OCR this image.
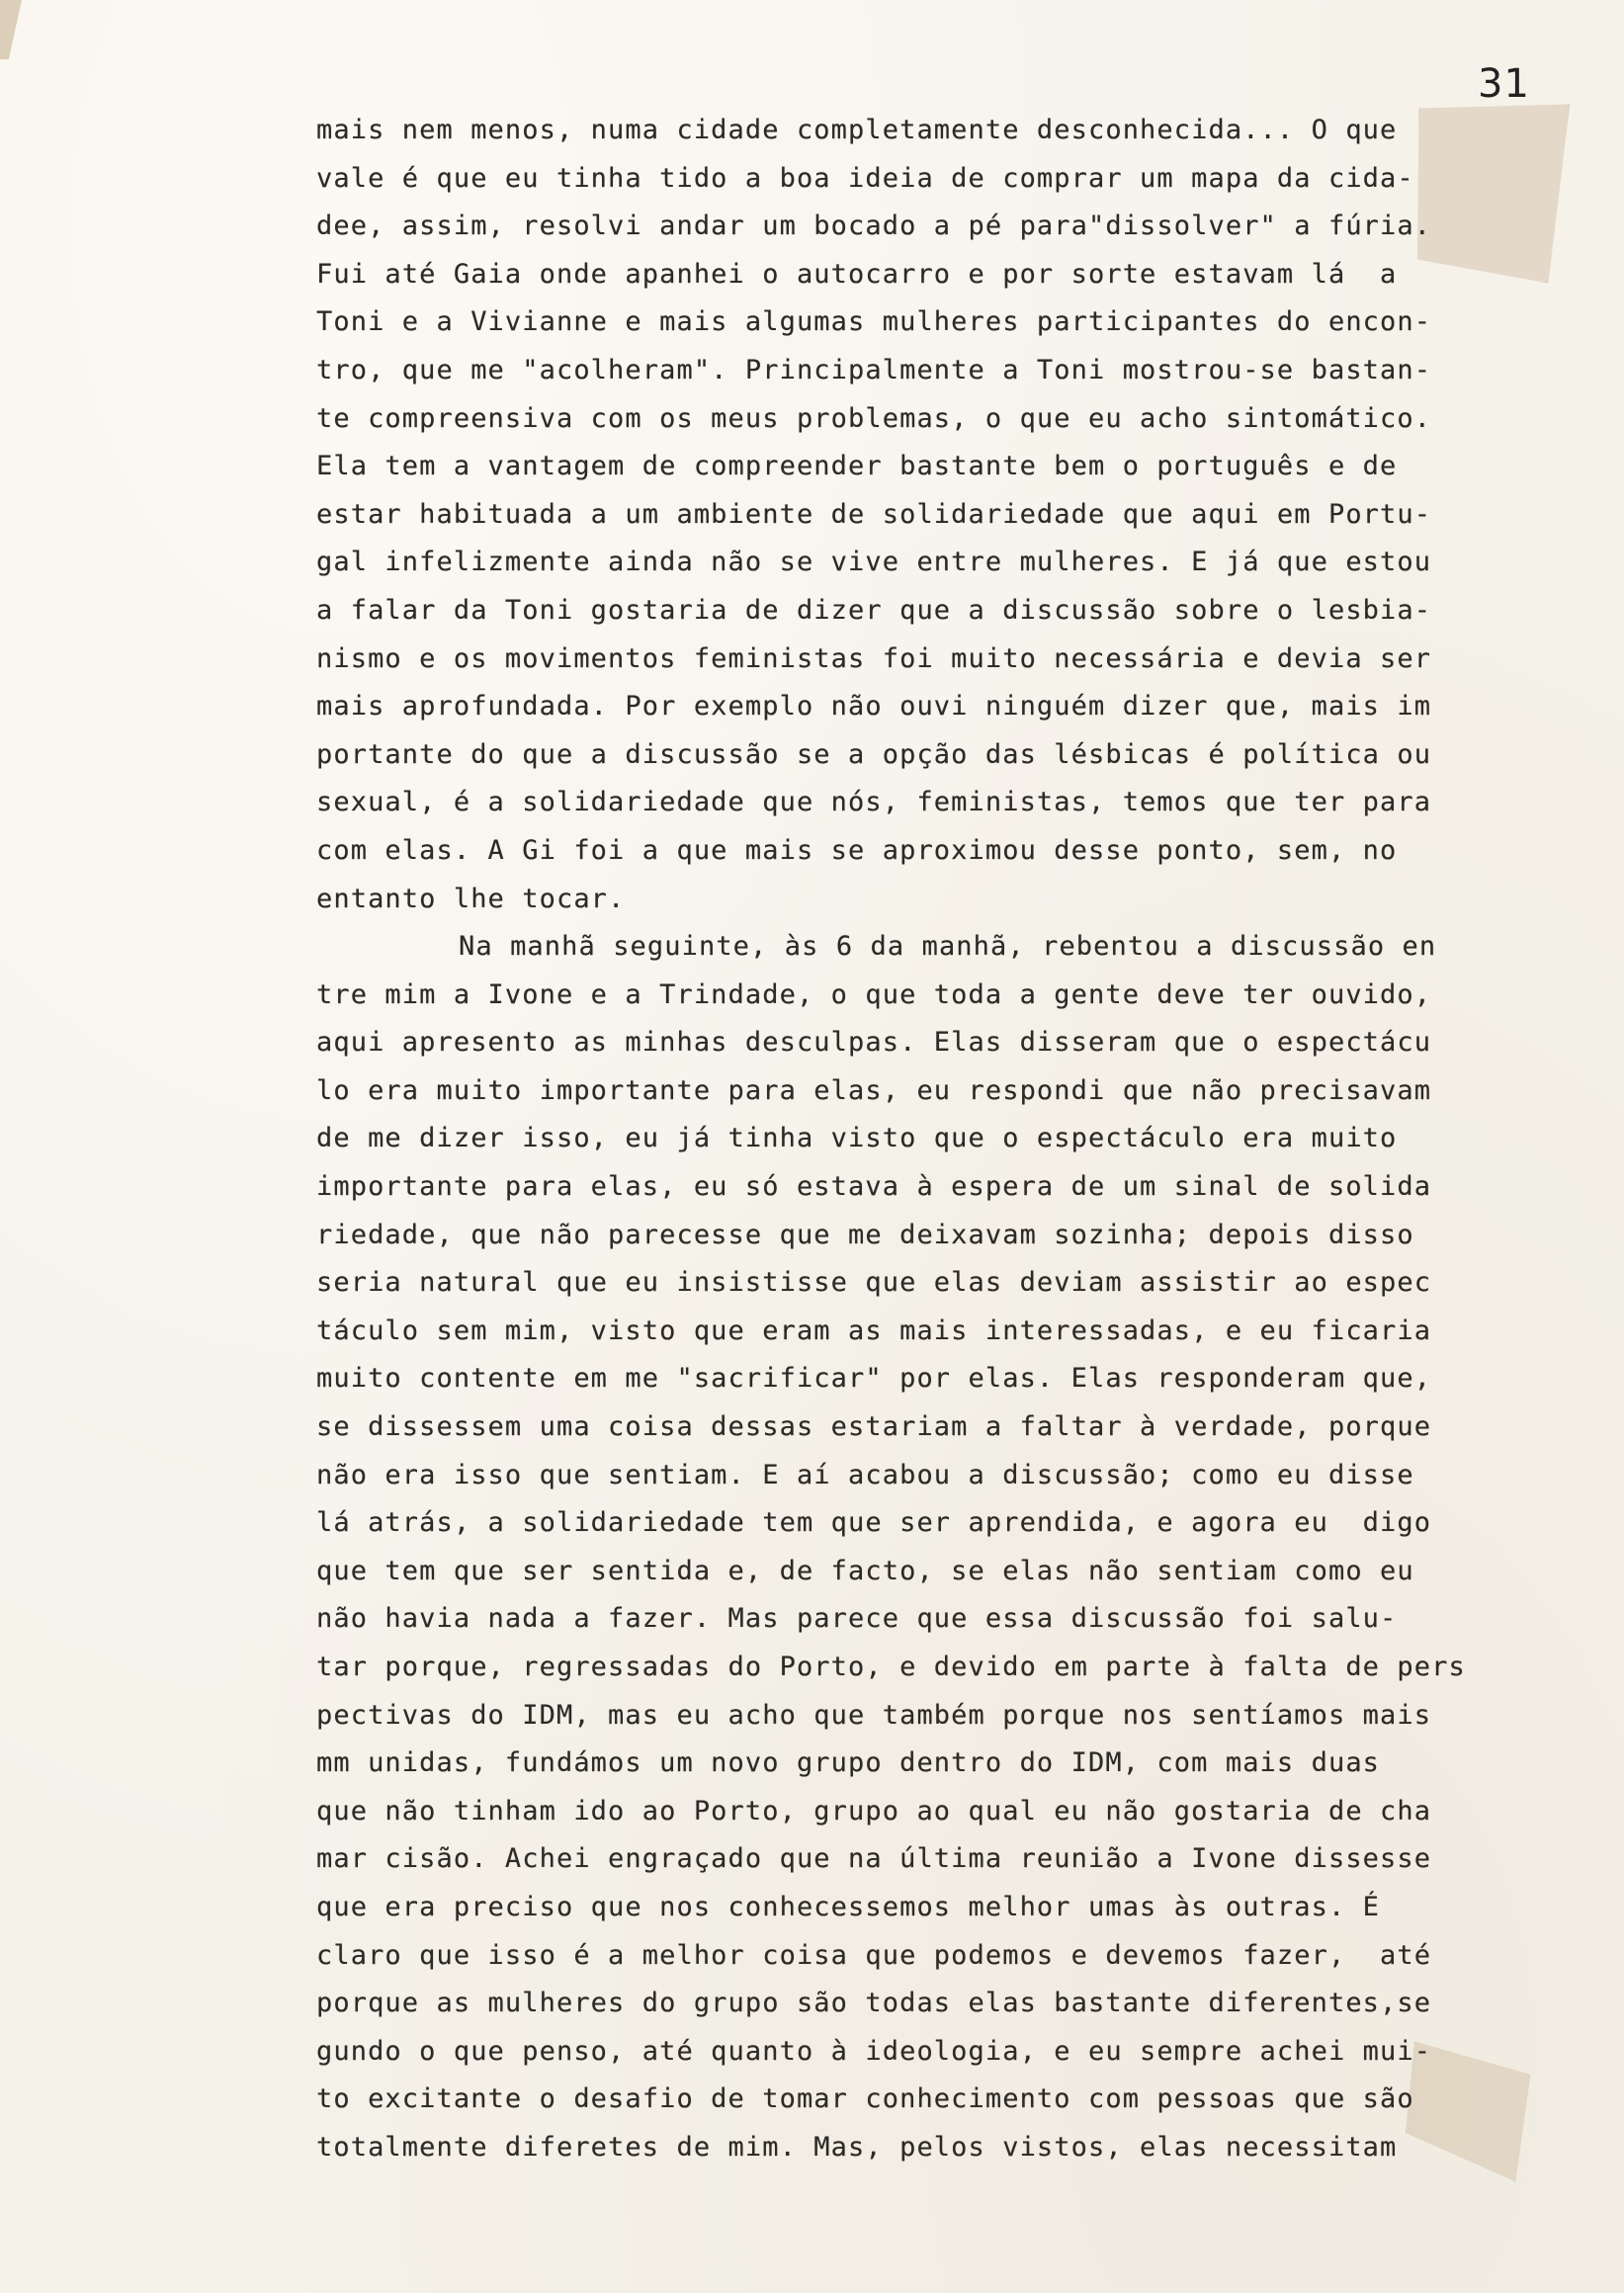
31
mais nem menos, numa cidade completamente desconhecida... O que
vale é que eu tinha tido a boa ideia de comprar um mapa da cida-
dee, assim, resolvi andar um bocado a pé para"dissolver" a fúria.
Fui até Gaia onde apanhei o autocarro e por sorte estavam lá  a
Toni e a Vivianne e mais algumas mulheres participantes do encon-
tro, que me "acolheram". Principalmente a Toni mostrou-se bastan-
te compreensiva com os meus problemas, o que eu acho sintomático.
Ela tem a vantagem de compreender bastante bem o português e de
estar habituada a um ambiente de solidariedade que aqui em Portu-
gal infelizmente ainda não se vive entre mulheres. E já que estou
a falar da Toni gostaria de dizer que a discussão sobre o lesbia-
nismo e os movimentos feministas foi muito necessária e devia ser
mais aprofundada. Por exemplo não ouvi ninguém dizer que, mais im
portante do que a discussão se a opção das lésbicas é política ou
sexual, é a solidariedade que nós, feministas, temos que ter para
com elas. A Gi foi a que mais se aproximou desse ponto, sem, no
entanto lhe tocar.
Na manhã seguinte, às 6 da manhã, rebentou a discussão en
tre mim a Ivone e a Trindade, o que toda a gente deve ter ouvido,
aqui apresento as minhas desculpas. Elas disseram que o espectácu
lo era muito importante para elas, eu respondi que não precisavam
de me dizer isso, eu já tinha visto que o espectáculo era muito
importante para elas, eu só estava à espera de um sinal de solida
riedade, que não parecesse que me deixavam sozinha; depois disso
seria natural que eu insistisse que elas deviam assistir ao espec
táculo sem mim, visto que eram as mais interessadas, e eu ficaria
muito contente em me "sacrificar" por elas. Elas responderam que,
se dissessem uma coisa dessas estariam a faltar à verdade, porque
não era isso que sentiam. E aí acabou a discussão; como eu disse
lá atrás, a solidariedade tem que ser aprendida, e agora eu  digo
que tem que ser sentida e, de facto, se elas não sentiam como eu
não havia nada a fazer. Mas parece que essa discussão foi salu-
tar porque, regressadas do Porto, e devido em parte à falta de pers
pectivas do IDM, mas eu acho que também porque nos sentíamos mais
mm unidas, fundámos um novo grupo dentro do IDM, com mais duas
que não tinham ido ao Porto, grupo ao qual eu não gostaria de cha
mar cisão. Achei engraçado que na última reunião a Ivone dissesse
que era preciso que nos conhecessemos melhor umas às outras. É
claro que isso é a melhor coisa que podemos e devemos fazer,  até
porque as mulheres do grupo são todas elas bastante diferentes,se
gundo o que penso, até quanto à ideologia, e eu sempre achei mui-
to excitante o desafio de tomar conhecimento com pessoas que são
totalmente diferetes de mim. Mas, pelos vistos, elas necessitam
